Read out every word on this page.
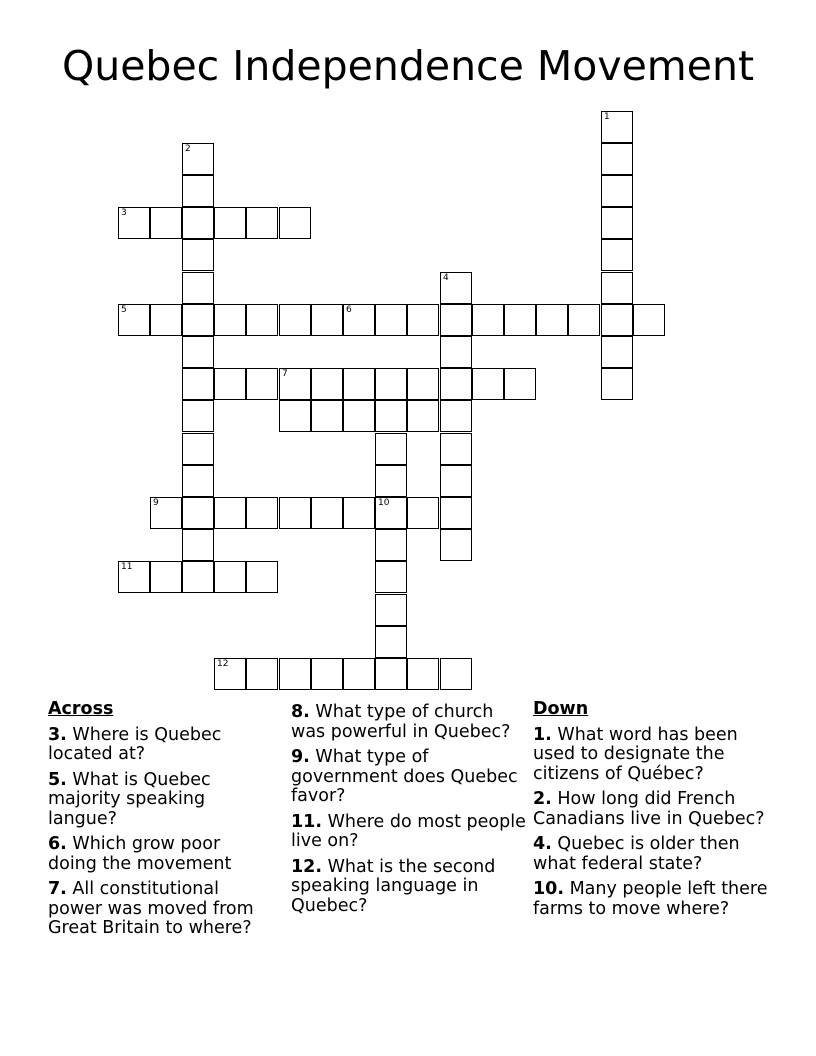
Quebec Independence Movement
1
2
3
4
10
6
5
7
9
11
12
Across
3. Where is Quebec located at?
5. What is Quebec majority speaking langue?
6. Which grow poor doing the movement
7. All constitutional power was moved from Great Britain to where?
8. What type of church was powerful in Quebec?
9. What type of government does Quebec favor?
11. Where do most people live on?
12. What is the second speaking language in Quebec?
Down
1. What word has been used to designate the citizens of Québec?
2. How long did French Canadians live in Quebec?
4. Quebec is older then what federal state?
10. Many people left there farms to move where?
